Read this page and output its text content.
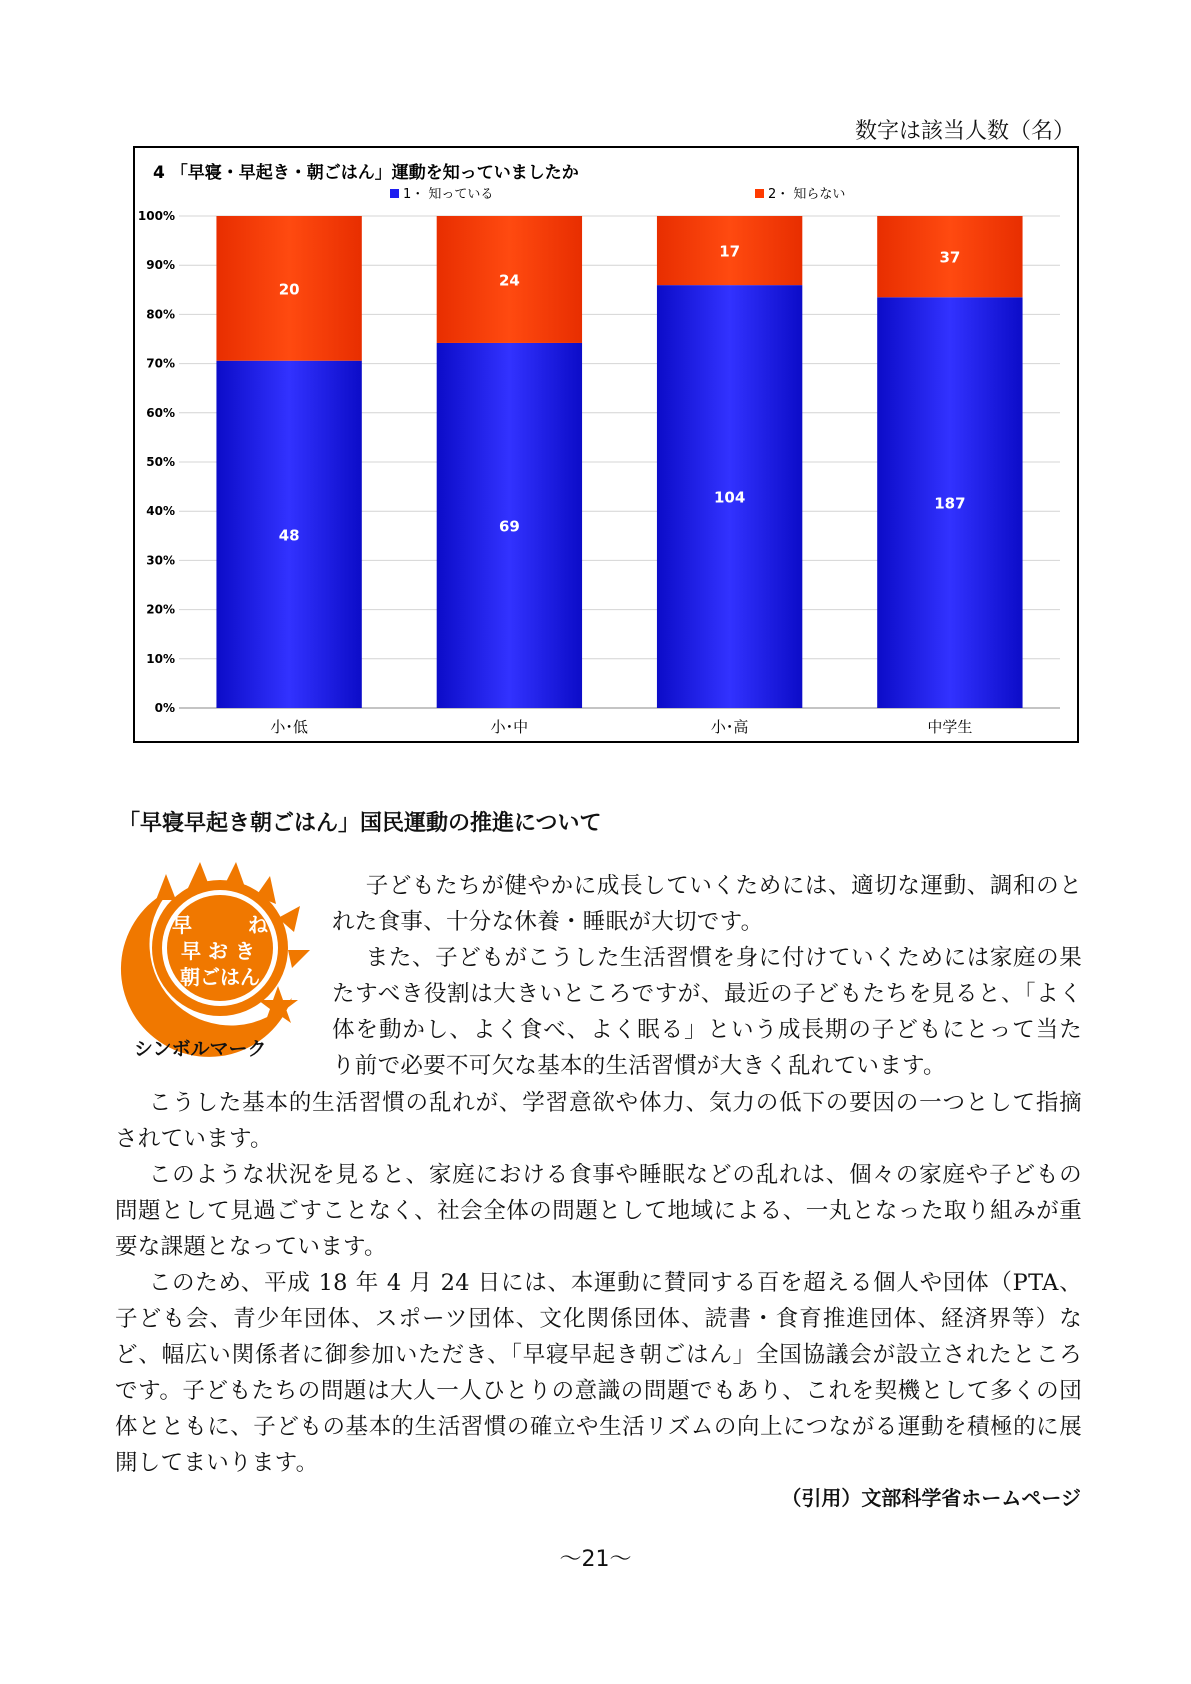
数字は該当人数（名）
0%
10%
20%
30%
40%
50%
60%
70%
80%
90%
100%
48
20
小･低
69
24
小･中
104
17
小･高
187
37
中学生
4 「早寝・早起き・朝ごはん」運動を知っていましたか
1・ 知っている	2・ 知らない
「早寝早起き朝ごはん」国民運動の推進について
早	ね
早 お き
朝ごはん
シンボルマーク

子どもたちが健やかに成長していくためには、適切な運動、調和のとれた食事、十分な休養・睡眠が大切です。

また、子どもがこうした生活習慣を身に付けていくためには家庭の果たすべき役割は大きいところですが、最近の子どもたちを見ると、「よく体を動かし、よく食べ、よく眠る」という成長期の子どもにとって当たり前で必要不可欠な基本的生活習慣が大きく乱れています。

こうした基本的生活習慣の乱れが、学習意欲や体力、気力の低下の要因の一つとして指摘されています。

このような状況を見ると、家庭における食事や睡眠などの乱れは、個々の家庭や子どもの問題として見過ごすことなく、社会全体の問題として地域による、一丸となった取り組みが重要な課題となっています。

このため、平成 18 年 4 月 24 日には、本運動に賛同する百を超える個人や団体（PTA、子ども会、青少年団体、スポーツ団体、文化関係団体、読書・食育推進団体、経済界等）など、幅広い関係者に御参加いただき、「早寝早起き朝ごはん」全国協議会が設立されたところです。子どもたちの問題は大人一人ひとりの意識の問題でもあり、これを契機として多くの団体とともに、子どもの基本的生活習慣の確立や生活リズムの向上につながる運動を積極的に展開してまいります。

（引用）文部科学省ホームページ
～21～
